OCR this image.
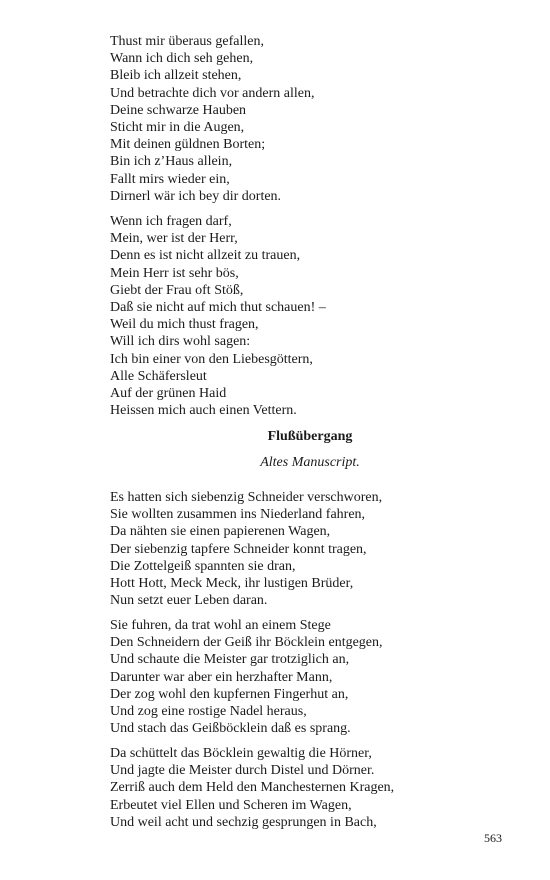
Thust mir überaus gefallen,
Wann ich dich seh gehen,
Bleib ich allzeit stehen,
Und betrachte dich vor andern allen,
Deine schwarze Hauben
Sticht mir in die Augen,
Mit deinen güldnen Borten;
Bin ich z’Haus allein,
Fallt mirs wieder ein,
Dirnerl wär ich bey dir dorten.
Wenn ich fragen darf,
Mein, wer ist der Herr,
Denn es ist nicht allzeit zu trauen,
Mein Herr ist sehr bös,
Giebt der Frau oft Stöß,
Daß sie nicht auf mich thut schauen! –
Weil du mich thust fragen,
Will ich dirs wohl sagen:
Ich bin einer von den Liebesgöttern,
Alle Schäfersleut
Auf der grünen Haid
Heissen mich auch einen Vettern.
Flußübergang
Altes Manuscript.
Es hatten sich siebenzig Schneider verschworen,
Sie wollten zusammen ins Niederland fahren,
Da nähten sie einen papierenen Wagen,
Der siebenzig tapfere Schneider konnt tragen,
Die Zottelgeiß spannten sie dran,
Hott Hott, Meck Meck, ihr lustigen Brüder,
Nun setzt euer Leben daran.
Sie fuhren, da trat wohl an einem Stege
Den Schneidern der Geiß ihr Böcklein entgegen,
Und schaute die Meister gar trotziglich an,
Darunter war aber ein herzhafter Mann,
Der zog wohl den kupfernen Fingerhut an,
Und zog eine rostige Nadel heraus,
Und stach das Geißböcklein daß es sprang.
Da schüttelt das Böcklein gewaltig die Hörner,
Und jagte die Meister durch Distel und Dörner.
Zerriß auch dem Held den Manchesternen Kragen,
Erbeutet viel Ellen und Scheren im Wagen,
Und weil acht und sechzig gesprungen in Bach,
563
